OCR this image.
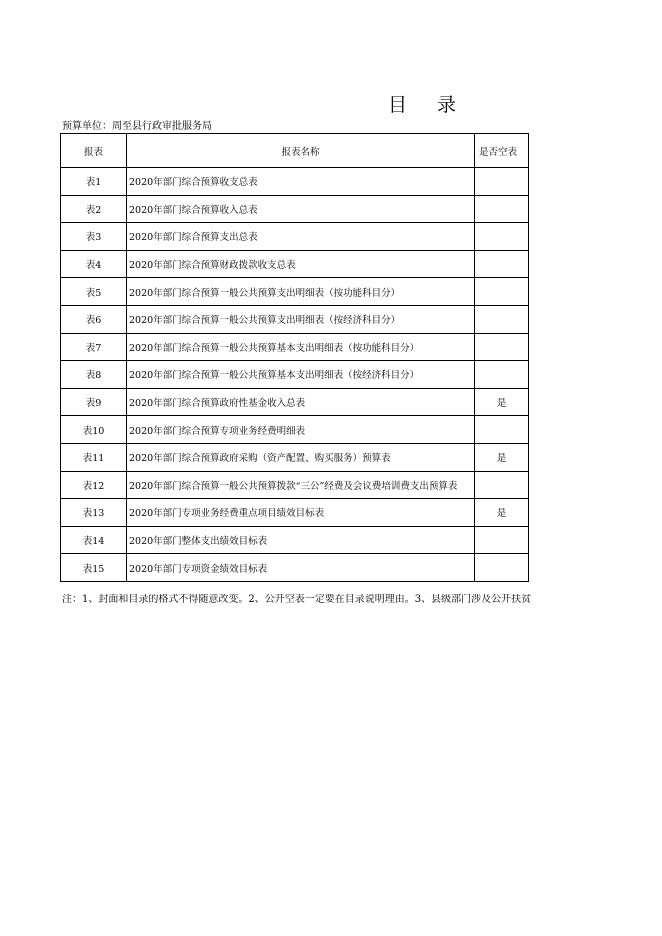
目 录
预算单位：周至县行政审批服务局
报表	报表名称	是否空表
表1	2020年部门综合预算收支总表	
表2	2020年部门综合预算收入总表	
表3	2020年部门综合预算支出总表	
表4	2020年部门综合预算财政拨款收支总表	
表5	2020年部门综合预算一般公共预算支出明细表（按功能科目分）	
表6	2020年部门综合预算一般公共预算支出明细表（按经济科目分）	
表7	2020年部门综合预算一般公共预算基本支出明细表（按功能科目分）	
表8	2020年部门综合预算一般公共预算基本支出明细表（按经济科目分）	
表9	2020年部门综合预算政府性基金收入总表	是
表10	2020年部门综合预算专项业务经费明细表	
表11	2020年部门综合预算政府采购（资产配置、购买服务）预算表	是
表12	2020年部门综合预算一般公共预算拨款“三公”经费及会议费培训费支出预算表	
表13	2020年部门专项业务经费重点项目绩效目标表	是
表14	2020年部门整体支出绩效目标表	
表15	2020年部门专项资金绩效目标表	
注：1、封面和目录的格式不得随意改变。2、公开空表一定要在目录说明理由。3、县级部门涉及公开扶贫
